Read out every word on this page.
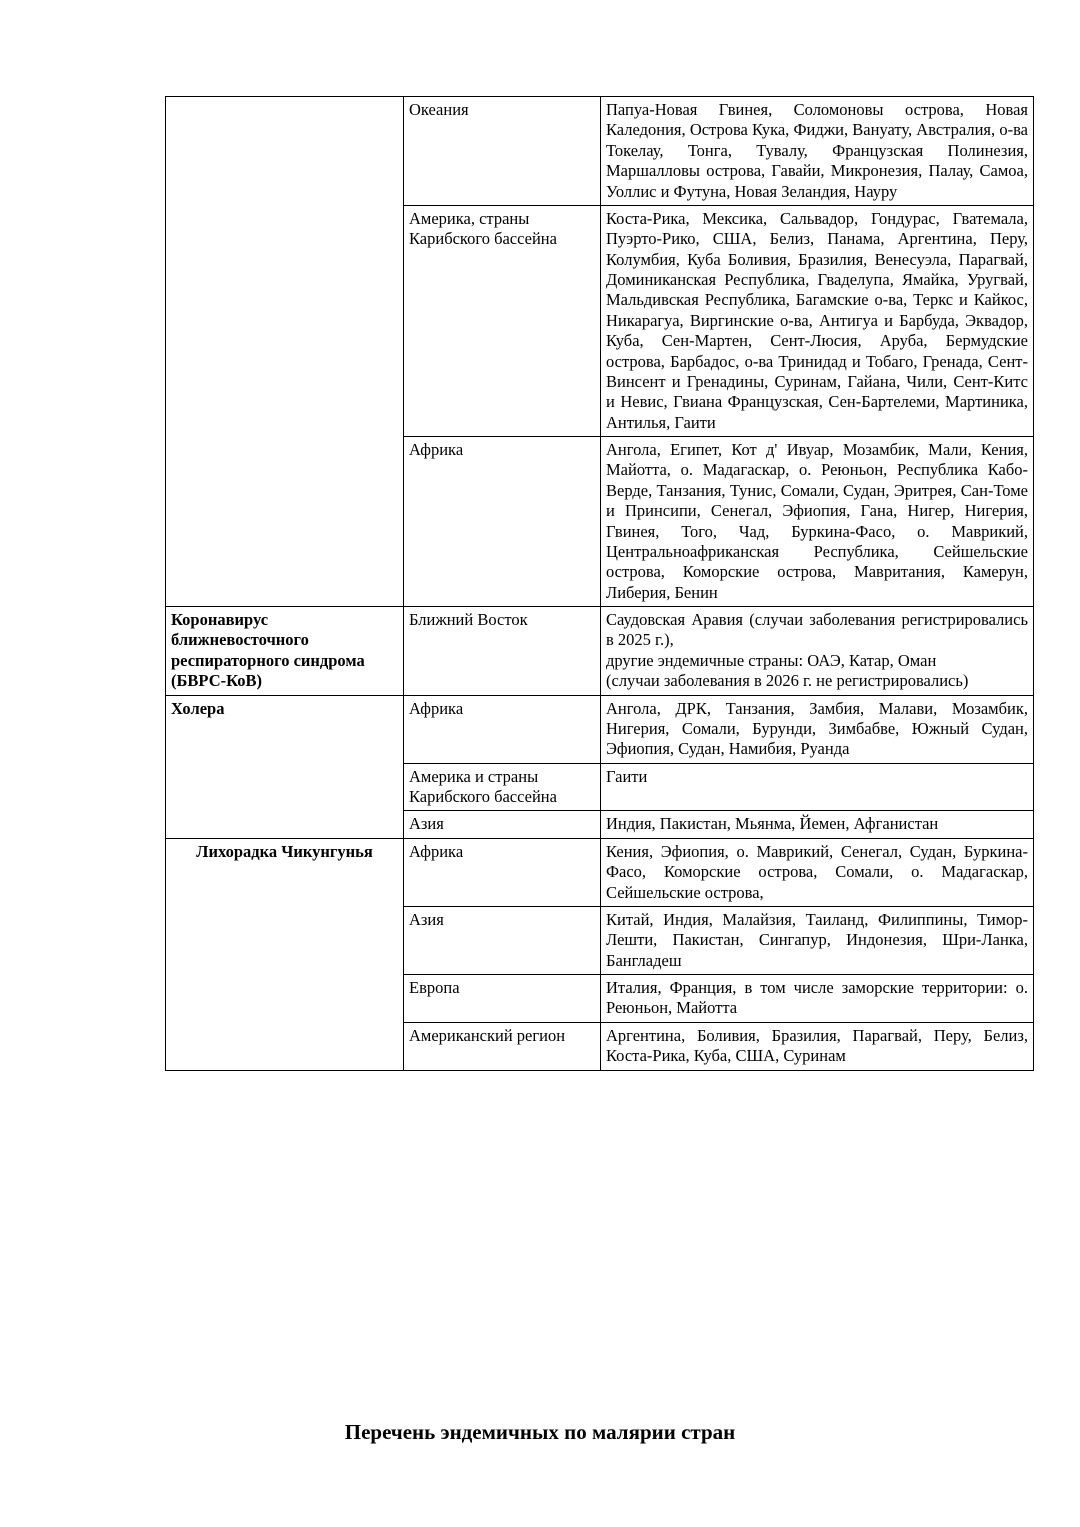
	Океания	Папуа-Новая Гвинея, Соломоновы острова, Новая Каледония, Острова Кука, Фиджи, Вануату, Австралия, о-ва Токелау, Тонга, Тувалу, Французская Полинезия, Маршалловы острова, Гавайи, Микронезия, Палау, Самоа, Уоллис и Футуна, Новая Зеландия, Науру
	Америка, страны Карибского бассейна	Коста-Рика, Мексика, Сальвадор, Гондурас, Гватемала, Пуэрто-Рико, США, Белиз, Панама, Аргентина, Перу, Колумбия, Куба Боливия, Бразилия, Венесуэла, Парагвай, Доминиканская Республика, Гваделупа, Ямайка, Уругвай, Мальдивская Республика, Багамские о-ва, Теркс и Кайкос, Никарагуа, Виргинские о-ва, Антигуа и Барбуда, Эквадор, Куба, Сен-Мартен, Сент-Люсия, Аруба, Бермудские острова, Барбадос, о-ва Тринидад и Тобаго, Гренада, Сент-Винсент и Гренадины, Суринам, Гайана, Чили, Сент-Китс и Невис, Гвиана Французская, Сен-Бартелеми, Мартиника, Антилья, Гаити
	Африка	Ангола, Египет, Кот д' Ивуар, Мозамбик, Мали, Кения, Майотта, о. Мадагаскар, о. Реюньон, Республика Кабо-Верде, Танзания, Тунис, Сомали, Судан, Эритрея, Сан-Томе и Принсипи, Сенегал, Эфиопия, Гана, Нигер, Нигерия, Гвинея, Того, Чад, Буркина-Фасо, о. Маврикий, Центральноафриканская Республика, Сейшельские острова, Коморские острова, Мавритания, Камерун, Либерия, Бенин
Коронавирус ближневосточного респираторного синдрома (БВРС-КоВ)	Ближний Восток	Саудовская Аравия (случаи заболевания регистрировались в 2025 г.),
другие эндемичные страны: ОАЭ, Катар, Оман
(случаи заболевания в 2026 г. не регистрировались)

Холера	Африка	Ангола, ДРК, Танзания, Замбия, Малави, Мозамбик, Нигерия, Сомали, Бурунди, Зимбабве, Южный Судан, Эфиопия, Судан, Намибия, Руанда
	Америка и страны Карибского бассейна	Гаити
	Азия	Индия, Пакистан, Мьянма, Йемен, Афганистан
Лихорадка Чикунгунья	Африка	Кения, Эфиопия, о. Маврикий, Сенегал, Судан, Буркина-Фасо, Коморские острова, Сомали, о. Мадагаскар, Сейшельские острова,
	Азия	Китай, Индия, Малайзия, Таиланд, Филиппины, Тимор-Лешти, Пакистан, Сингапур, Индонезия, Шри-Ланка, Бангладеш
	Европа	Италия, Франция, в том числе заморские территории: о. Реюньон, Майотта
	Американский регион	Аргентина, Боливия, Бразилия, Парагвай, Перу, Белиз, Коста-Рика, Куба, США, Суринам
Перечень эндемичных по малярии стран
